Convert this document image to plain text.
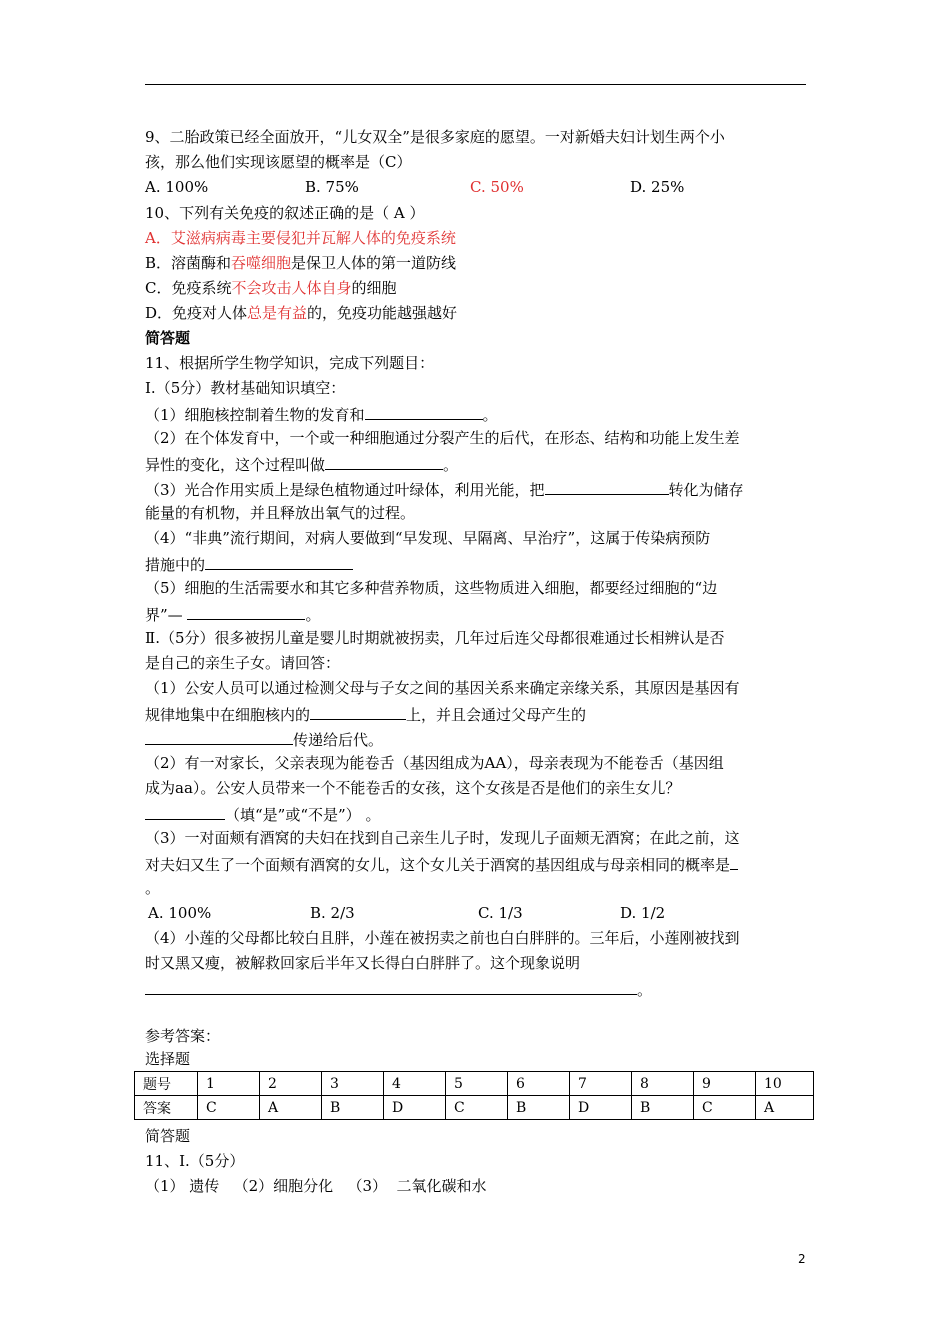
9、二胎政策已经全面放开，“儿女双全”是很多家庭的愿望。一对新婚夫妇计划生两个小
孩，那么他们实现该愿望的概率是（C）
A. 100%	B. 75%	C. 50%	D. 25%
10、下列有关免疫的叙述正确的是（ A ）
A．艾滋病病毒主要侵犯并瓦解人体的免疫系统
B．溶菌酶和吞噬细胞是保卫人体的第一道防线
C．免疫系统不会攻击人体自身的细胞
D．免疫对人体总是有益的，免疫功能越强越好
简答题
11、根据所学生物学知识，完成下列题目：
Ⅰ.（5分）教材基础知识填空：
（1）细胞核控制着生物的发育和	。
（2）在个体发育中，一个或一种细胞通过分裂产生的后代，在形态、结构和功能上发生差
异性的变化，这个过程叫做	。
（3）光合作用实质上是绿色植物通过叶绿体，利用光能，把	转化为储存
能量的有机物，并且释放出氧气的过程。
（4）“非典”流行期间，对病人要做到“早发现、早隔离、早治疗”，这属于传染病预防
措施中的
（5）细胞的生活需要水和其它多种营养物质，这些物质进入细胞，都要经过细胞的“边
界”—	。
Ⅱ.（5分）很多被拐儿童是婴儿时期就被拐卖，几年过后连父母都很难通过长相辨认是否
是自己的亲生子女。请回答：
（1）公安人员可以通过检测父母与子女之间的基因关系来确定亲缘关系，其原因是基因有
规律地集中在细胞核内的	上，并且会通过父母产生的
传递给后代。
（2）有一对家长，父亲表现为能卷舌（基因组成为AA），母亲表现为不能卷舌（基因组
成为aa）。公安人员带来一个不能卷舌的女孩，这个女孩是否是他们的亲生女儿？
（填“是”或“不是”） 。
（3）一对面颊有酒窝的夫妇在找到自己亲生儿子时，发现儿子面颊无酒窝；在此之前，这
对夫妇又生了一个面颊有酒窝的女儿，这个女儿关于酒窝的基因组成与母亲相同的概率是
。
A. 100%	B. 2/3	C. 1/3	D. 1/2
（4）小莲的父母都比较白且胖，小莲在被拐卖之前也白白胖胖的。三年后，小莲刚被找到
时又黑又瘦，被解救回家后半年又长得白白胖胖了。这个现象说明
。
参考答案：
选择题
题号	1	2	3	4	5	6	7	8	9	10
答案	C	A	B	D	C	B	D	B	C	A
简答题
11、Ⅰ.（5分）
（1） 遗传   （2）细胞分化   （3）  二氧化碳和水
2
